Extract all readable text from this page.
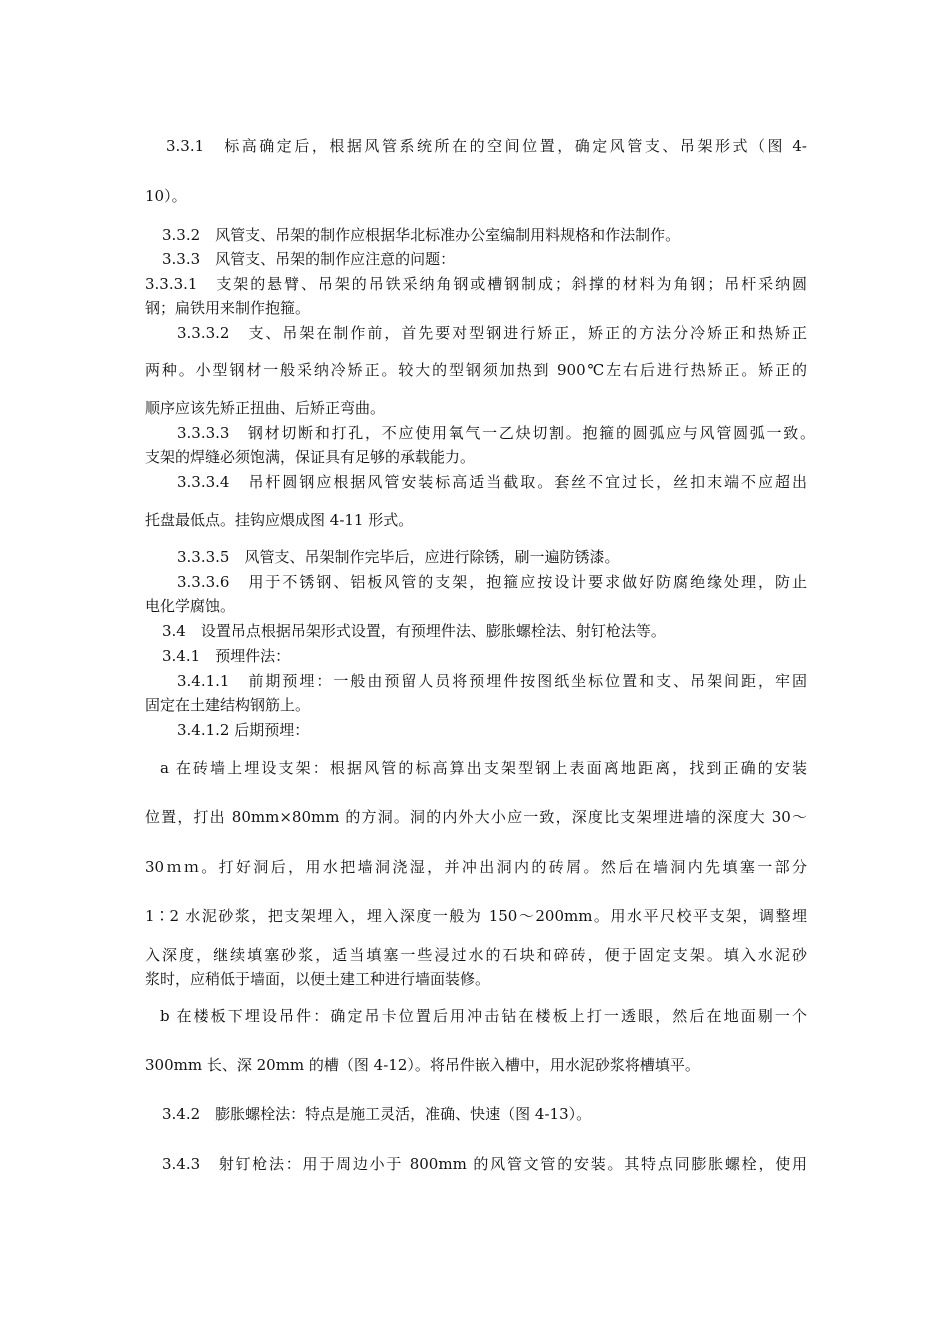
3.3.1　标高确定后，根据风管系统所在的空间位置，确定风管支、吊架形式（图 4-
10）。
3.3.2　风管支、吊架的制作应根据华北标准办公室编制用料规格和作法制作。
3.3.3　风管支、吊架的制作应注意的问题：
3.3.3.1　支架的悬臂、吊架的吊铁采纳角钢或槽钢制成；斜撑的材料为角钢；吊杆采纳圆
钢；扁铁用来制作抱箍。
3.3.3.2　支、吊架在制作前，首先要对型钢进行矫正，矫正的方法分冷矫正和热矫正
两种。小型钢材一般采纳冷矫正。较大的型钢须加热到 900℃左右后进行热矫正。矫正的
顺序应该先矫正扭曲、后矫正弯曲。
3.3.3.3　钢材切断和打孔，不应使用氧气一乙炔切割。抱箍的圆弧应与风管圆弧一致。
支架的焊缝必须饱满，保证具有足够的承载能力。
3.3.3.4　吊杆圆钢应根据风管安装标高适当截取。套丝不宜过长，丝扣末端不应超出
托盘最低点。挂钩应煨成图 4-11 形式。
3.3.3.5　风管支、吊架制作完毕后，应进行除锈，刷一遍防锈漆。
3.3.3.6　用于不锈钢、铝板风管的支架，抱箍应按设计要求做好防腐绝缘处理，防止
电化学腐蚀。
3.4　设置吊点根据吊架形式设置，有预埋件法、膨胀螺栓法、射钉枪法等。
3.4.1　预埋件法：
3.4.1.1　前期预埋：一般由预留人员将预埋件按图纸坐标位置和支、吊架间距，牢固
固定在土建结构钢筋上。
3.4.1.2 后期预埋：
a 在砖墙上埋设支架：根据风管的标高算出支架型钢上表面离地距离，找到正确的安装
位置，打出 80mm×80mm 的方洞。洞的内外大小应一致，深度比支架埋进墙的深度大 30～
30ｍｍ。打好洞后，用水把墙洞浇湿，并冲出洞内的砖屑。然后在墙洞内先填塞一部分
1∶2 水泥砂浆，把支架埋入，埋入深度一般为 150～200mm。用水平尺校平支架，调整埋
入深度，继续填塞砂浆，适当填塞一些浸过水的石块和碎砖，便于固定支架。填入水泥砂
浆时，应稍低于墙面，以便土建工种进行墙面装修。
b 在楼板下埋设吊件：确定吊卡位置后用冲击钻在楼板上打一透眼，然后在地面剔一个
300mm 长、深 20mm 的槽（图 4-12）。将吊件嵌入槽中，用水泥砂浆将槽填平。
3.4.2　膨胀螺栓法：特点是施工灵活，准确、快速（图 4-13）。
3.4.3　射钉枪法：用于周边小于 800mm 的风管文管的安装。其特点同膨胀螺栓，使用
